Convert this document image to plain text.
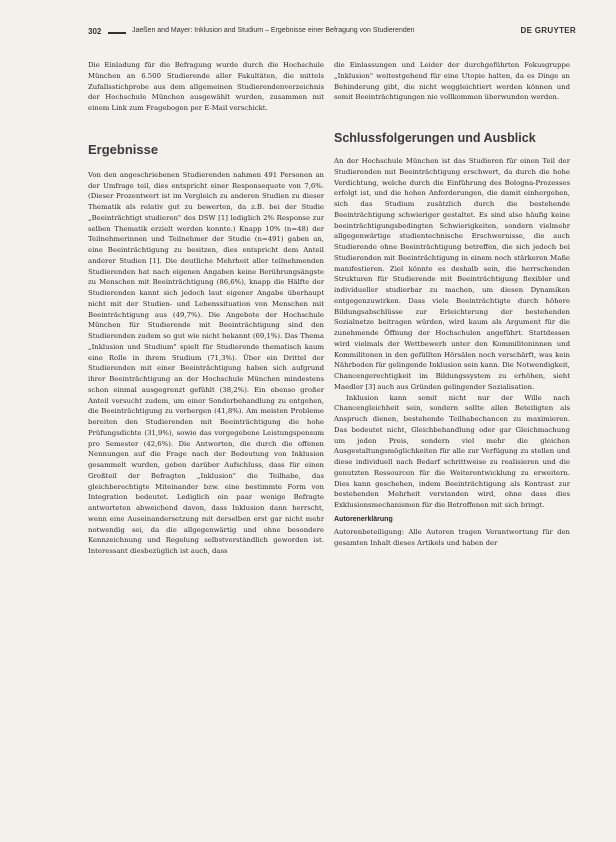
302	Jaeßen and Mayer: Inklusion and Studium – Ergebnisse einer Befragung von Studierenden	DE GRUYTER

Die Einladung für die Befragung wurde durch die Hochschule München an 6.500 Studierende aller Fakultäten, die mittels Zufallsstichprobe aus dem allgemeinen Studierendenverzeichnis der Hochschule München ausgewählt wurden, zusammen mit einem Link zum Fragebogen per E-Mail verschickt.

Ergebnisse

Von den angeschriebenen Studierenden nahmen 491 Personen an der Umfrage teil, dies entspricht einer Responsequote von 7,6%. (Dieser Prozentwert ist im Vergleich zu anderen Studien zu dieser Thematik als relativ gut zu bewerten, da z.B. bei der Studie „Beeinträchtigt studieren" des DSW [1] lediglich 2% Response zur selben Thematik erzielt werden konnte.) Knapp 10% (n=48) der Teilnehmerinnen und Teilnehmer der Studie (n=491) gaben an, eine Beeinträchtigung zu besitzen, dies entspricht dem Anteil anderer Studien [1]. Die deutliche Mehrheit aller teilnehmenden Studierenden hat nach eigenen Angaben keine Berührungsängste zu Menschen mit Beeinträchtigung (86,6%), knapp die Hälfte der Studierenden kannt sich jedoch laut eigener Angabe überhaupt nicht mit der Studien- und Lebenssituation von Menschen mit Beeinträchtigung aus (49,7%). Die Angebote der Hochschule München für Studierende mit Beeinträchtigung sind den Studierenden zudem so gut wie nicht bekannt (69,1%). Das Thema „Inklusion und Studium" spielt für Studierende thematisch kaum eine Rolle in ihrem Studium (71,3%). Über ein Drittel der Studierenden mit einer Beeinträchtigung haben sich aufgrund ihrer Beeinträchtigung an der Hochschule München mindestens schon einmal ausgegrenzt gefühlt (38,2%). Ein ebenso großer Anteil versucht zudem, um einer Sonderbehandlung zu entgehen, die Beeinträchtigung zu verbergen (41,8%). Am meisten Probleme bereiten den Studierenden mit Beeinträchtigung die hohe Prüfungsdichte (31,9%), sowie das vorgegebene Leistungspensum pro Semester (42,6%). Die Antworten, die durch die offenen Nennungen auf die Frage nach der Bedeutung von Inklusion gesammelt wurden, geben darüber Aufschluss, dass für einen Großteil der Befragten „Inklusion" die Teilhabe, das gleichberechtigte Miteinander bzw. eine bestimmte Form von Integration bedeutet. Lediglich ein paar wenige Befragte antworteten abweichend davon, dass Inklusion dann herrscht, wenn eine Auseinandersetzung mit derselben erst gar nicht mehr notwendig sei, da die allgegenwärtig und ohne besondere Kennzeichnung und Regelung selbstverständlich geworden ist. Interessant diesbezüglich ist auch, dass

die Einlassungen und Leider der durchgeführten Fokusgruppe „Inklusion" weitestgehend für eine Utopie halten, da es Dinge an Behinderung gibt, die nicht weggleichtiert werden können und somit Beeinträchtigungen nie vollkommen überwunden werden.

Schlussfolgerungen und Ausblick

An der Hochschule München ist das Studieren für einen Teil der Studierenden mit Beeinträchtigung erschwert, da durch die hohe Verdichtung, welche durch die Einführung des Bologna-Prozesses erfolgt ist, und die hohen Anforderungen, die damit einhergehen, sich das Studium zusätzlich durch die bestehende Beeinträchtigung schwieriger gestaltet. Es sind also häufig keine beeinträchtigungsbedingten Schwierigkeiten, sondern vielmehr allgegenwärtige studientechnische Erschwernisse, die auch Studierende ohne Beeinträchtigung betreffen, die sich jedoch bei Studierenden mit Beeinträchtigung in einem noch stärkeren Maße manifestieren. Ziel könnte es deshalb sein, die herrschenden Strukturen für Studierende mit Beeinträchtigung flexibler und individueller studierbar zu machen, um diesen Dynamiken entgegenzuwirken. Dass viele Beeinträchtigte durch höhere Bildungsabschlüsse zur Erleichterung der bestehenden Sozialnetze beitragen würden, wird kaum als Argument für die zunehmende Öffnung der Hochschulen angeführt. Stattdessen wird vielmals der Wettbewerb unter den Kommilitoninnen und Kommilitonen in den gefüllten Hörsälen noch verschärft, was kein Nährboden für gelingende Inklusion sein kann. Die Notwendigkeit, Chancengerechtigkeit im Bildungssystem zu erhöhen, sieht Maedler [3] auch aus Gründen gelingender Sozialisation.

Inklusion kann somit nicht nur der Wille nach Chancengleichheit sein, sondern sollte allen Beteiligten als Anspruch dienen, bestehende Teilhabechancen zu maximieren. Das bedeutet nicht, Gleichbehandlung oder gar Gleichmachung um jeden Preis, sondern viel mehr die gleichen Ausgestaltungsmöglichkeiten für alle zur Verfügung zu stellen und diese individuell nach Bedarf schrittweise zu realisieren und die genutzten Ressourcen für die Weiterentwicklung zu erweitern. Dies kann geschehen, indem Beeinträchtigung als Kontrast zur bestehenden Mehrheit verstanden wird, ohne dass dies Exklusionsmechanismen für die Betroffenen mit sich bringt.

Autorenerklärung

Autorenbeteiligung: Alle Autoren tragen Verantwortung für den gesamten Inhalt dieses Artikels und haben der
